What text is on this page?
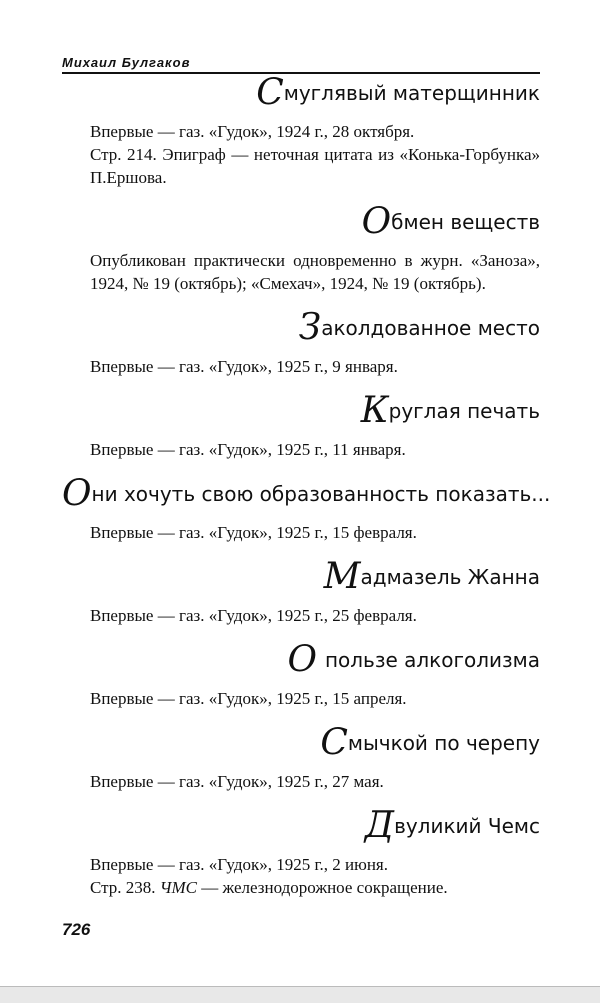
Михаил Булгаков

Смуглявый матерщинник

Впервые — газ. «Гудок», 1924 г., 28 октября.

Стр. 214. Эпиграф — неточная цитата из «Конька-Горбунка» П.Ершова.

Обмен веществ

Опубликован практически одновременно в журн. «Заноза», 1924, № 19 (октябрь); «Смехач», 1924, № 19 (октябрь).

Заколдованное место

Впервые — газ. «Гудок», 1925 г., 9 января.

Круглая печать

Впервые — газ. «Гудок», 1925 г., 11 января.

Они хочуть свою образованность показать...

Впервые — газ. «Гудок», 1925 г., 15 февраля.

Мадмазель Жанна

Впервые — газ. «Гудок», 1925 г., 25 февраля.

Опользе алкоголизма

Впервые — газ. «Гудок», 1925 г., 15 апреля.

Смычкой по черепу

Впервые — газ. «Гудок», 1925 г., 27 мая.

Двуликий Чемс

Впервые — газ. «Гудок», 1925 г., 2 июня.

Стр. 238. ЧМС — железнодорожное сокращение.

726
